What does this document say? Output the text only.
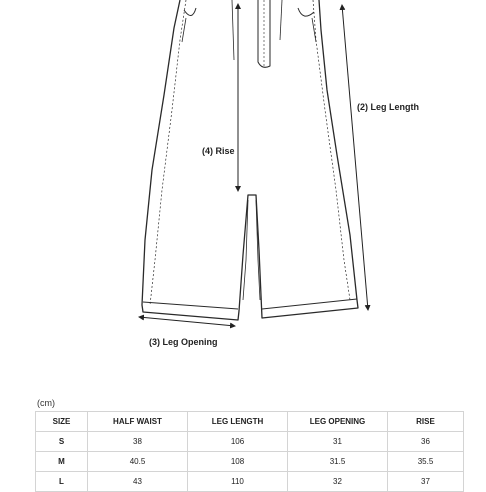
(4) Rise
(2) Leg Length
(3) Leg Opening
(cm)
SIZE	HALF WAIST	LEG LENGTH	LEG OPENING	RISE
S	38	106	31	36
M	40.5	108	31.5	35.5
L	43	110	32	37
